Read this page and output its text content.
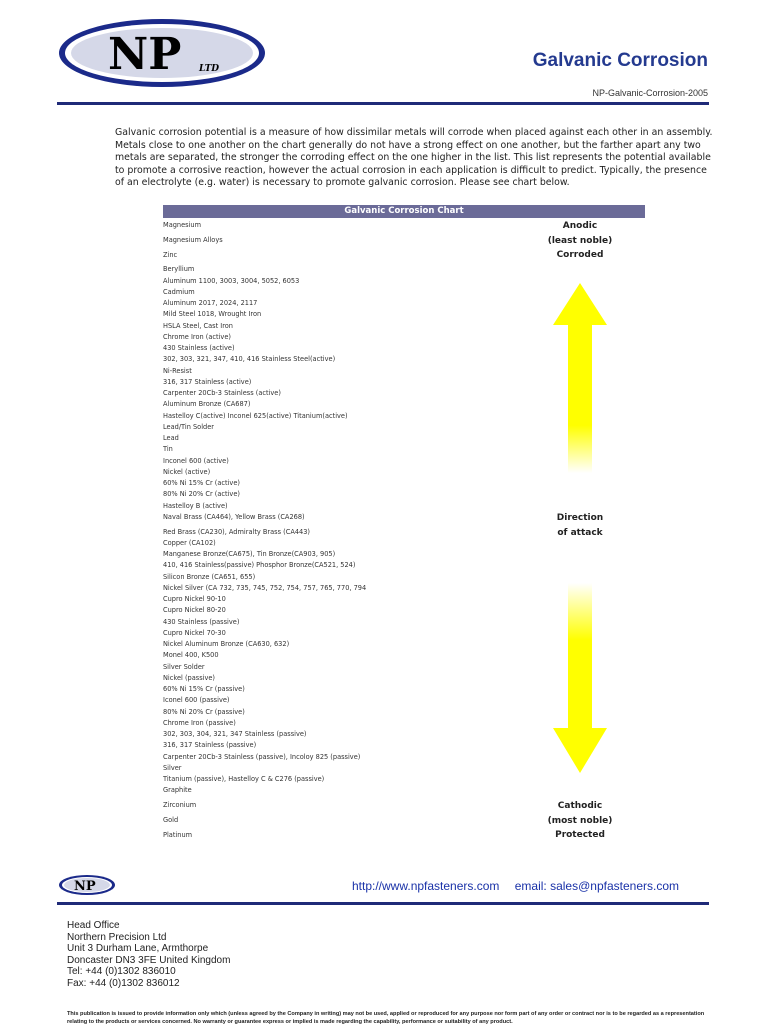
NP LTD	Galvanic Corrosion
NP-Galvanic-Corrosion-2005

Galvanic corrosion potential is a measure of how dissimilar metals will corrode when placed against each other in an assembly. Metals close to one another on the chart generally do not have a strong effect on one another, but the farther apart any two metals are separated, the stronger the corroding effect on the one higher in the list. This list represents the potential available to promote a corrosive reaction, however the actual corrosion in each application is difficult to predict. Typically, the presence of an electrolyte (e.g. water) is necessary to promote galvanic corrosion. Please see chart below.

Galvanic Corrosion Chart
Magnesium
Magnesium Alloys
Zinc
Beryllium
Aluminum 1100, 3003, 3004, 5052, 6053
Cadmium
Aluminum 2017, 2024, 2117
Mild Steel 1018, Wrought Iron
HSLA Steel, Cast Iron
Chrome Iron (active)
430 Stainless (active)
302, 303, 321, 347, 410, 416 Stainless Steel(active)
Ni-Resist
316, 317 Stainless (active)
Carpenter 20Cb-3 Stainless (active)
Aluminum Bronze (CA687)
Hastelloy C(active) Inconel 625(active) Titanium(active)
Lead/Tin Solder
Lead
Tin
Inconel 600 (active)
Nickel (active)
60% Ni 15% Cr (active)
80% Ni 20% Cr (active)
Hastelloy B (active)
Naval Brass (CA464), Yellow Brass (CA268)
Red Brass (CA230), Admiralty Brass (CA443)
Copper (CA102)
Manganese Bronze(CA675), Tin Bronze(CA903, 905)
410, 416 Stainless(passive) Phosphor Bronze(CA521, 524)
Silicon Bronze (CA651, 655)
Nickel Silver (CA 732, 735, 745, 752, 754, 757, 765, 770, 794
Cupro Nickel 90-10
Cupro Nickel 80-20
430 Stainless (passive)
Cupro Nickel 70-30
Nickel Aluminum Bronze (CA630, 632)
Monel 400, K500
Silver Solder
Nickel (passive)
60% Ni 15% Cr (passive)
Iconel 600 (passive)
80% Ni 20% Cr (passive)
Chrome Iron (passive)
302, 303, 304, 321, 347 Stainless (passive)
316, 317 Stainless (passive)
Carpenter 20Cb-3 Stainless (passive), Incoloy 825 (passive)
Silver
Titanium (passive), Hastelloy C & C276 (passive)
Graphite
Zirconium
Gold
Platinum
Anodic
(least noble)
Corroded
Direction
of attack
Cathodic
(most noble)
Protected
NP	http://www.npfasteners.com email: sales@npfasteners.com
Head Office
Northern Precision Ltd
Unit 3 Durham Lane, Armthorpe
Doncaster DN3 3FE United Kingdom
Tel: +44 (0)1302 836010
Fax: +44 (0)1302 836012

This publication is issued to provide information only which (unless agreed by the Company in writing) may not be used, applied or reproduced for any purpose nor form part of any order or contract nor is to be regarded as a representation relating to the products or services concerned. No warranty or guarantee express or implied is made regarding the capability, performance or suitability of any product.
